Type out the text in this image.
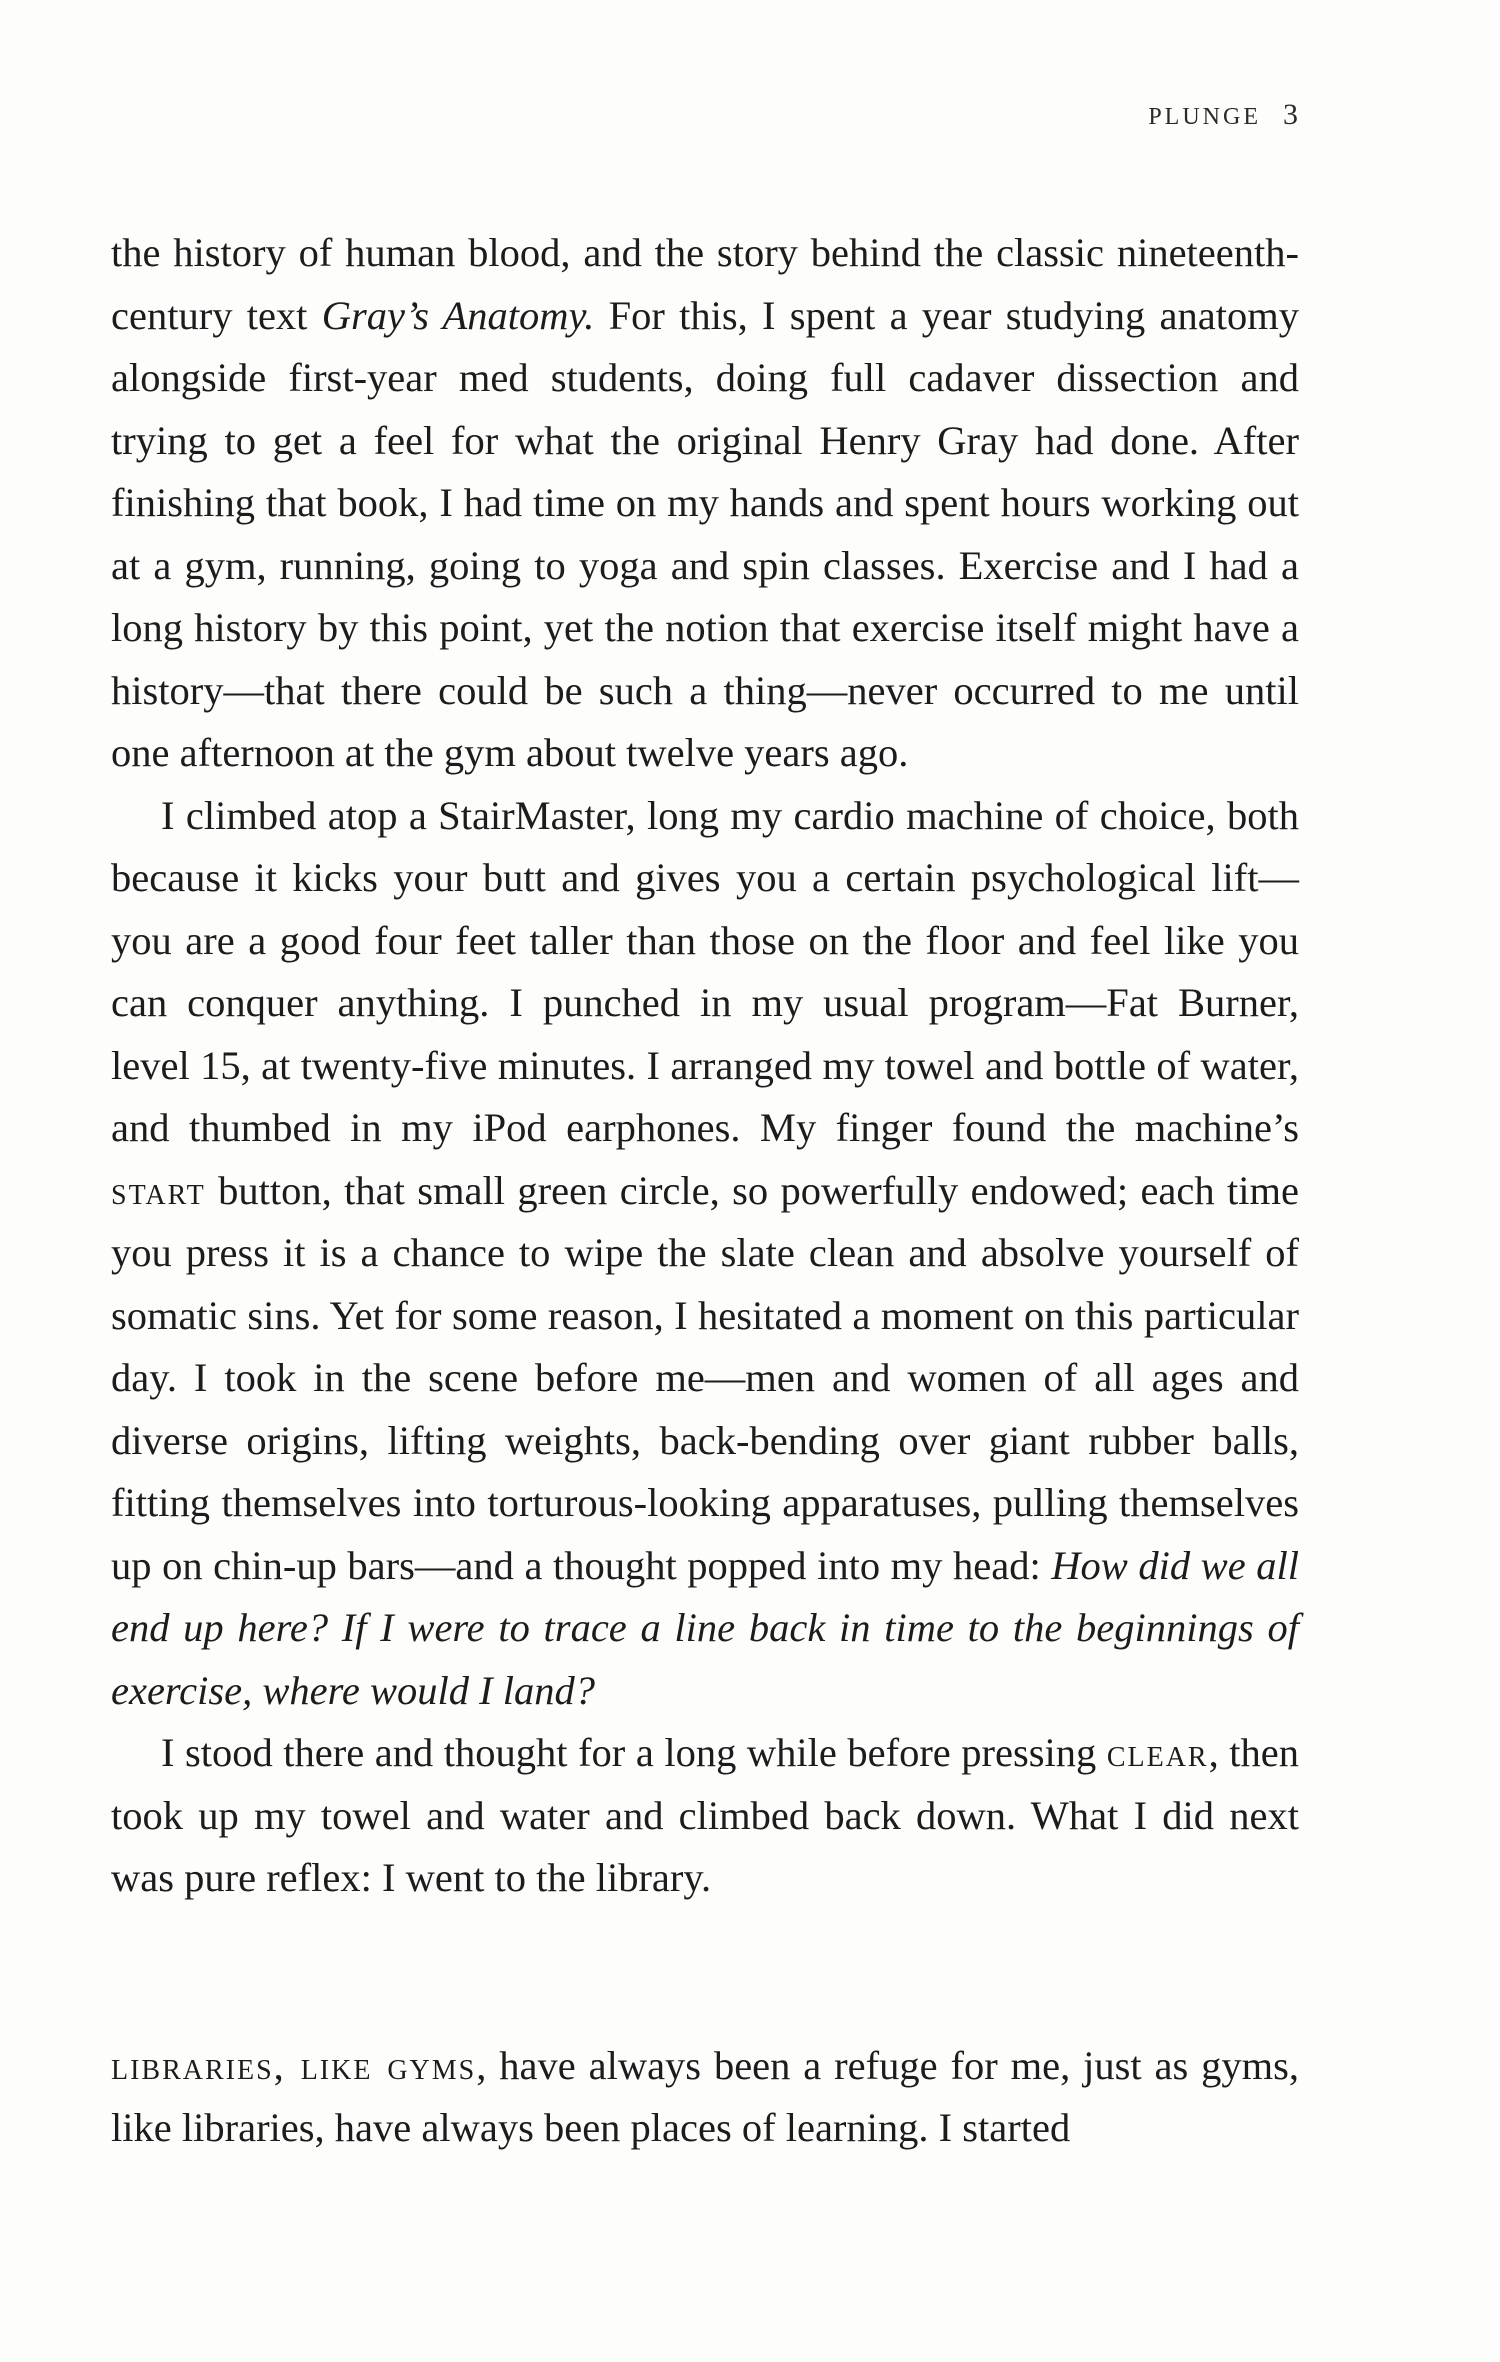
PLUNGE 3

the history of human blood, and the story behind the classic nineteenth-century text Gray’s Anatomy. For this, I spent a year studying anatomy alongside first-year med students, doing full cadaver dissection and trying to get a feel for what the original Henry Gray had done. After finishing that book, I had time on my hands and spent hours working out at a gym, running, going to yoga and spin classes. Exercise and I had a long history by this point, yet the notion that exercise itself might have a history—that there could be such a thing—never occurred to me until one afternoon at the gym about twelve years ago.

I climbed atop a StairMaster, long my cardio machine of choice, both because it kicks your butt and gives you a certain psychological lift—you are a good four feet taller than those on the floor and feel like you can conquer anything. I punched in my usual program—Fat Burner, level 15, at twenty-five minutes. I arranged my towel and bottle of water, and thumbed in my iPod earphones. My finger found the machine’s start button, that small green circle, so powerfully endowed; each time you press it is a chance to wipe the slate clean and absolve yourself of somatic sins. Yet for some reason, I hesitated a moment on this particular day. I took in the scene before me—men and women of all ages and diverse origins, lifting weights, back-bending over giant rubber balls, fitting themselves into torturous-looking apparatuses, pulling themselves up on chin-up bars—and a thought popped into my head: How did we all end up here? If I were to trace a line back in time to the beginnings of exercise, where would I land?

I stood there and thought for a long while before pressing clear, then took up my towel and water and climbed back down. What I did next was pure reflex: I went to the library.

libraries, like gyms, have always been a refuge for me, just as gyms, like libraries, have always been places of learning. I started
